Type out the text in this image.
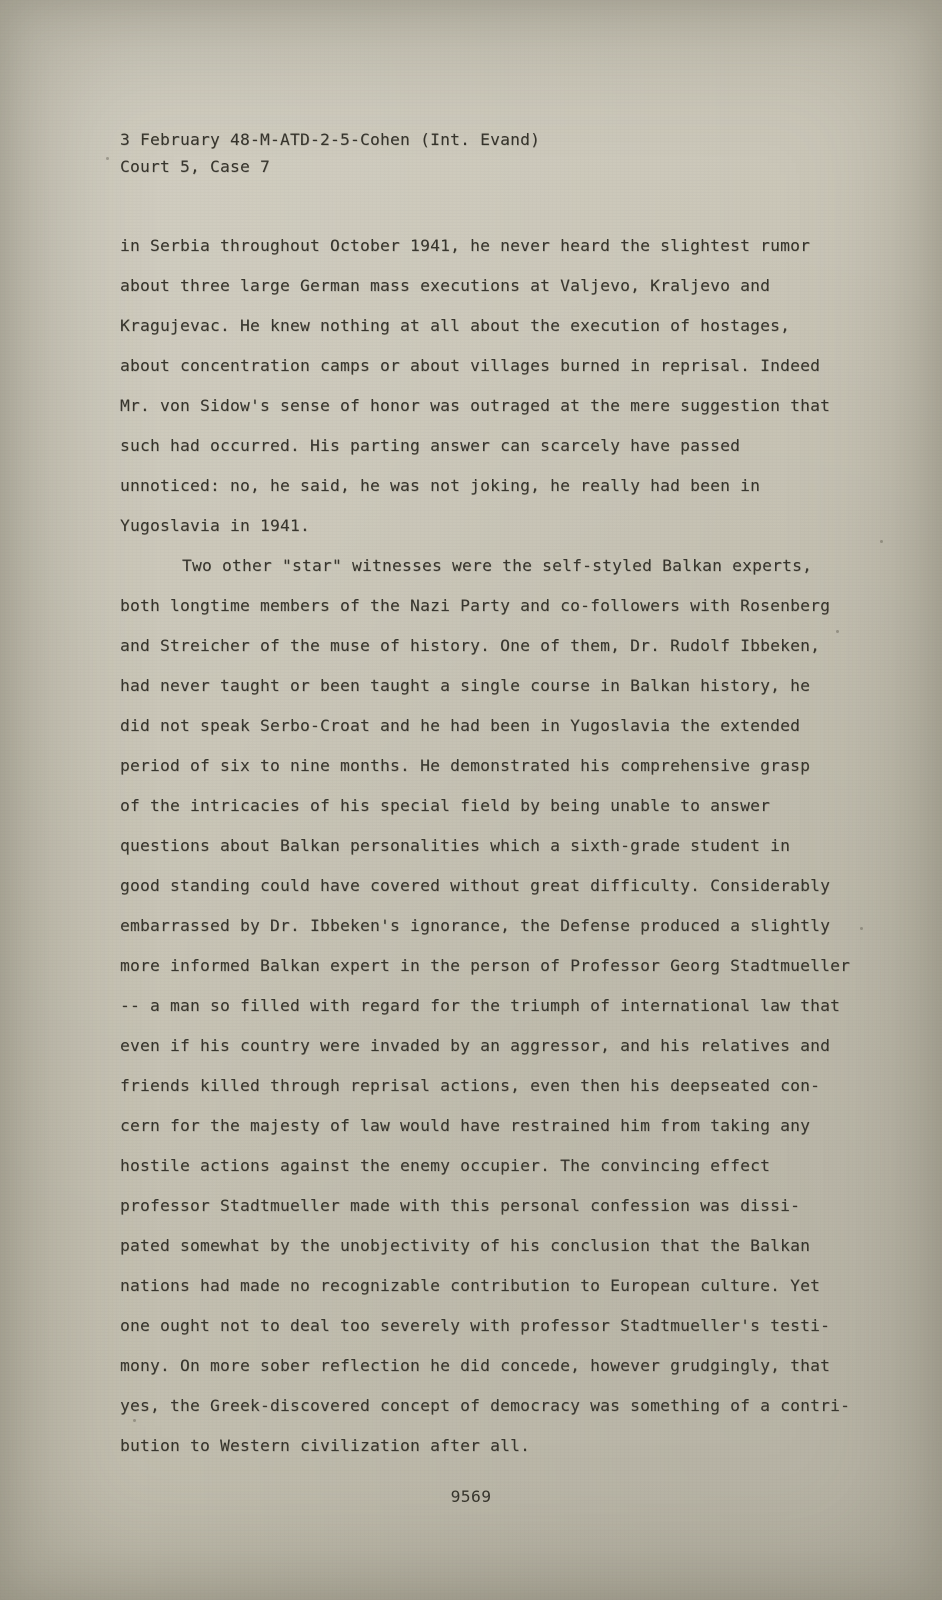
3 February 48-M-ATD-2-5-Cohen (Int. Evand)
Court 5, Case 7

in Serbia throughout October 1941, he never heard the slightest rumor
about three large German mass executions at Valjevo, Kraljevo and
Kragujevac. He knew nothing at all about the execution of hostages,
about concentration camps or about villages burned in reprisal. Indeed
Mr. von Sidow's sense of honor was outraged at the mere suggestion that
such had occurred. His parting answer can scarcely have passed
unnoticed: no, he said, he was not joking, he really had been in
Yugoslavia in 1941.

Two other "star" witnesses were the self-styled Balkan experts,
both longtime members of the Nazi Party and co-followers with Rosenberg
and Streicher of the muse of history. One of them, Dr. Rudolf Ibbeken,
had never taught or been taught a single course in Balkan history, he
did not speak Serbo-Croat and he had been in Yugoslavia the extended
period of six to nine months. He demonstrated his comprehensive grasp
of the intricacies of his special field by being unable to answer
questions about Balkan personalities which a sixth-grade student in
good standing could have covered without great difficulty. Considerably
embarrassed by Dr. Ibbeken's ignorance, the Defense produced a slightly
more informed Balkan expert in the person of Professor Georg Stadtmueller
-- a man so filled with regard for the triumph of international law that
even if his country were invaded by an aggressor, and his relatives and
friends killed through reprisal actions, even then his deepseated con-
cern for the majesty of law would have restrained him from taking any
hostile actions against the enemy occupier. The convincing effect
professor Stadtmueller made with this personal confession was dissi-
pated somewhat by the unobjectivity of his conclusion that the Balkan
nations had made no recognizable contribution to European culture. Yet
one ought not to deal too severely with professor Stadtmueller's testi-
mony. On more sober reflection he did concede, however grudgingly, that
yes, the Greek-discovered concept of democracy was something of a contri-
bution to Western civilization after all.

9569
